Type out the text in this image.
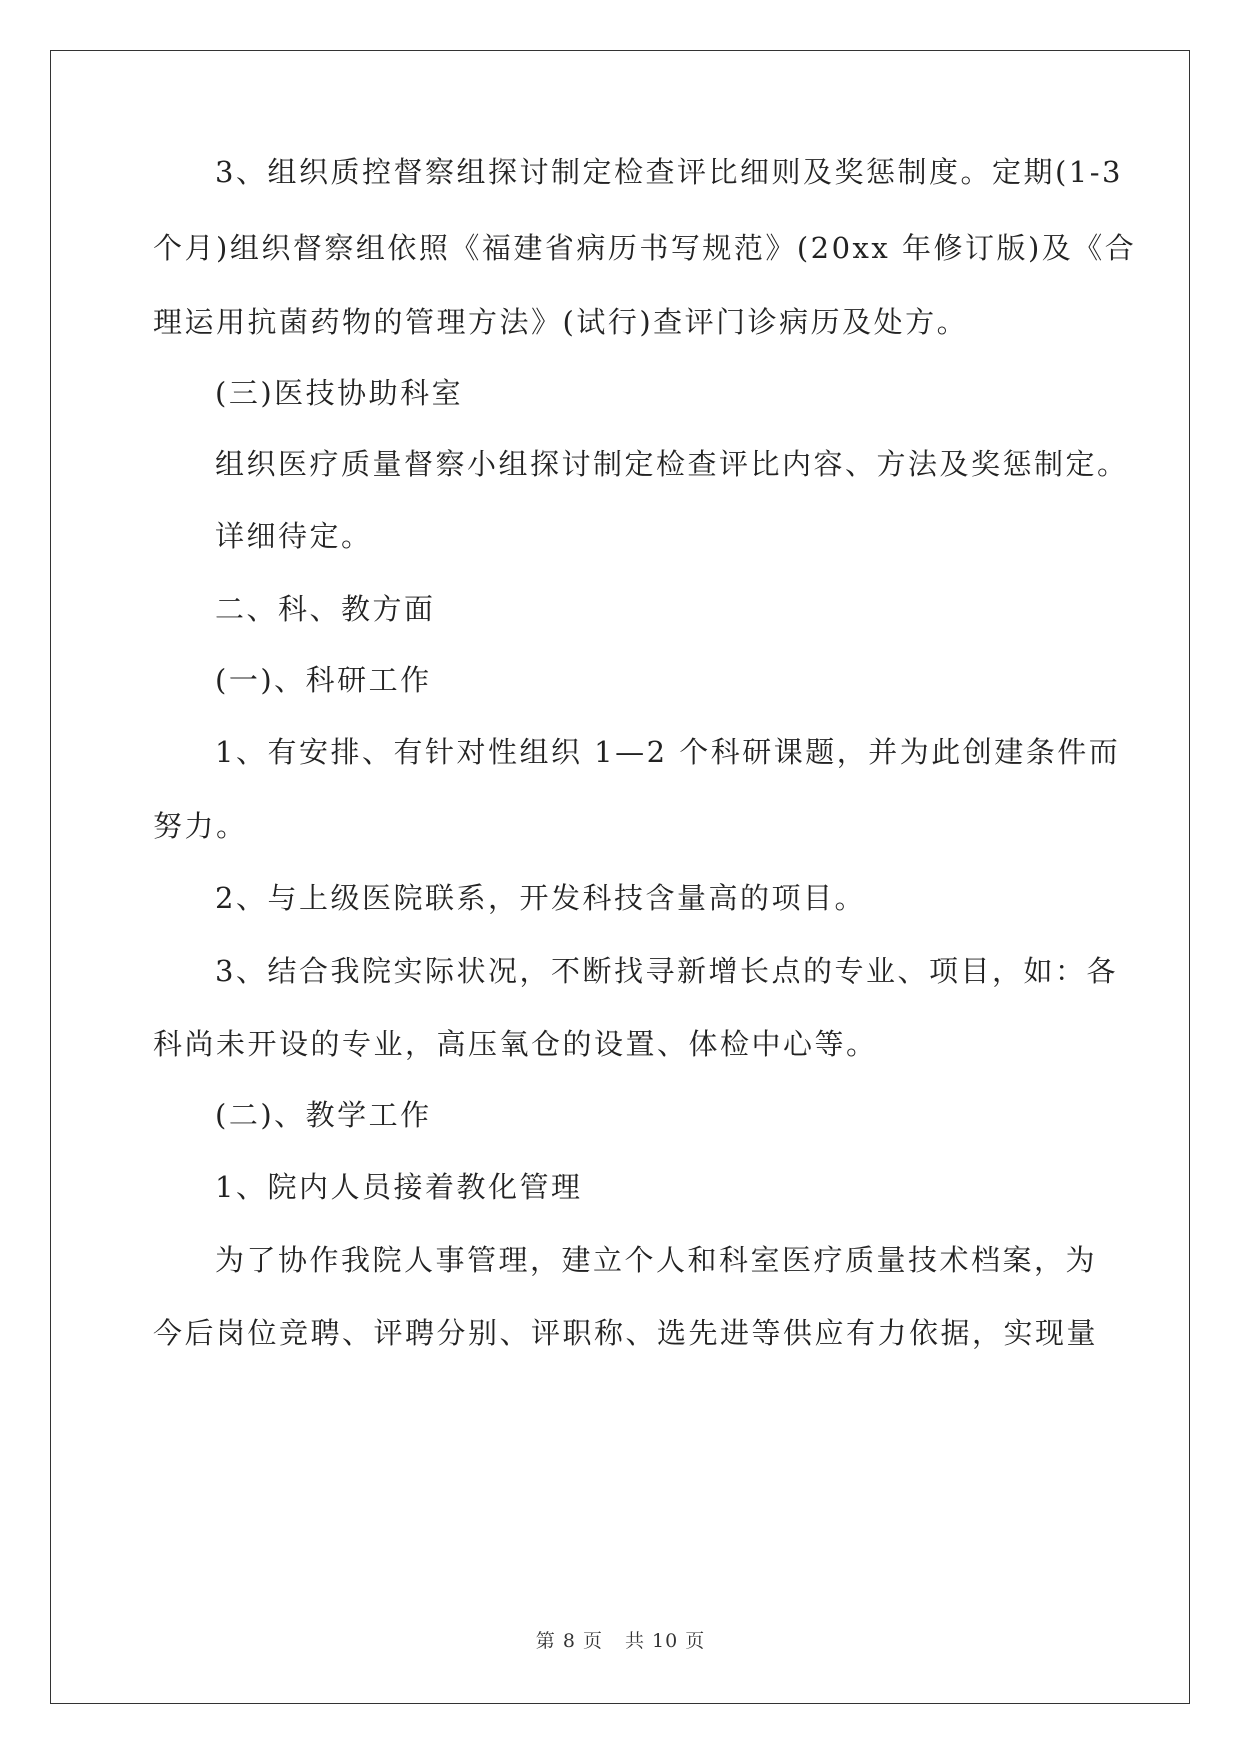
3、组织质控督察组探讨制定检查评比细则及奖惩制度。定期(1-3
个月)组织督察组依照《福建省病历书写规范》(20xx 年修订版)及《合
理运用抗菌药物的管理方法》(试行)查评门诊病历及处方。
(三)医技协助科室
组织医疗质量督察小组探讨制定检查评比内容、方法及奖惩制定。
详细待定。
二、科、教方面
(一)、科研工作
1、有安排、有针对性组织 1—2 个科研课题，并为此创建条件而
努力。
2、与上级医院联系，开发科技含量高的项目。
3、结合我院实际状况，不断找寻新增长点的专业、项目，如：各
科尚未开设的专业，高压氧仓的设置、体检中心等。
(二)、教学工作
1、院内人员接着教化管理
为了协作我院人事管理，建立个人和科室医疗质量技术档案，为
今后岗位竞聘、评聘分别、评职称、选先进等供应有力依据，实现量
第 8 页 共 10 页
